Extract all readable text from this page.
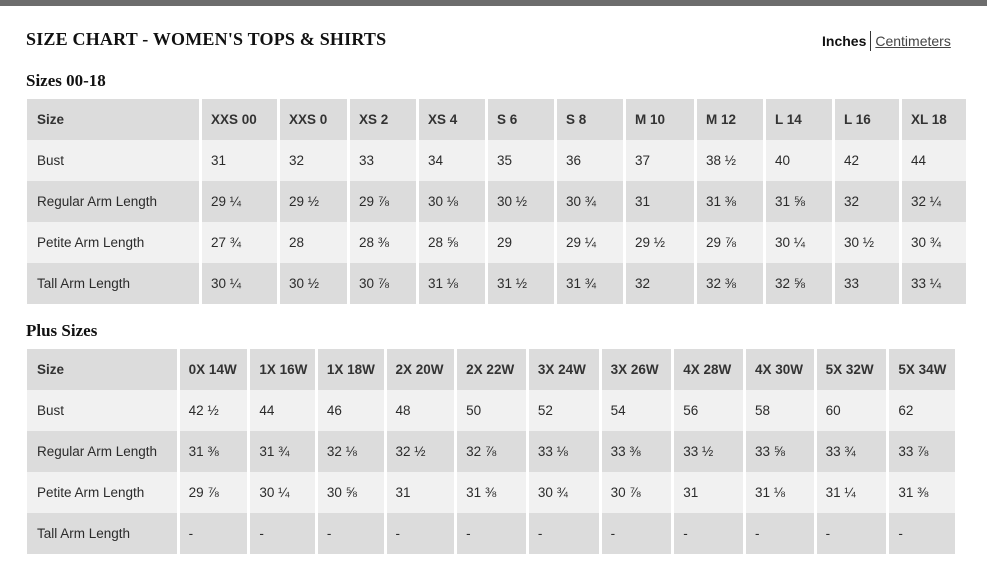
SIZE CHART - WOMEN'S TOPS & SHIRTS	Inches Centimeters
Sizes 00-18
Size	XXS 00	XXS 0	XS 2	XS 4	S 6	S 8	M 10	M 12	L 14	L 16	XL 18
Bust	31	32	33	34	35	36	37	38 ½	40	42	44
Regular Arm Length	29 ¼	29 ½	29 ⅞	30 ⅛	30 ½	30 ¾	31	31 ⅜	31 ⅝	32	32 ¼
Petite Arm Length	27 ¾	28	28 ⅜	28 ⅝	29	29 ¼	29 ½	29 ⅞	30 ¼	30 ½	30 ¾
Tall Arm Length	30 ¼	30 ½	30 ⅞	31 ⅛	31 ½	31 ¾	32	32 ⅜	32 ⅝	33	33 ¼
Plus Sizes
Size	0X 14W	1X 16W	1X 18W	2X 20W	2X 22W	3X 24W	3X 26W	4X 28W	4X 30W	5X 32W	5X 34W
Bust	42 ½	44	46	48	50	52	54	56	58	60	62
Regular Arm Length	31 ⅜	31 ¾	32 ⅛	32 ½	32 ⅞	33 ⅛	33 ⅜	33 ½	33 ⅝	33 ¾	33 ⅞
Petite Arm Length	29 ⅞	30 ¼	30 ⅝	31	31 ⅜	30 ¾	30 ⅞	31	31 ⅛	31 ¼	31 ⅜
Tall Arm Length	-	-	-	-	-	-	-	-	-	-	-
